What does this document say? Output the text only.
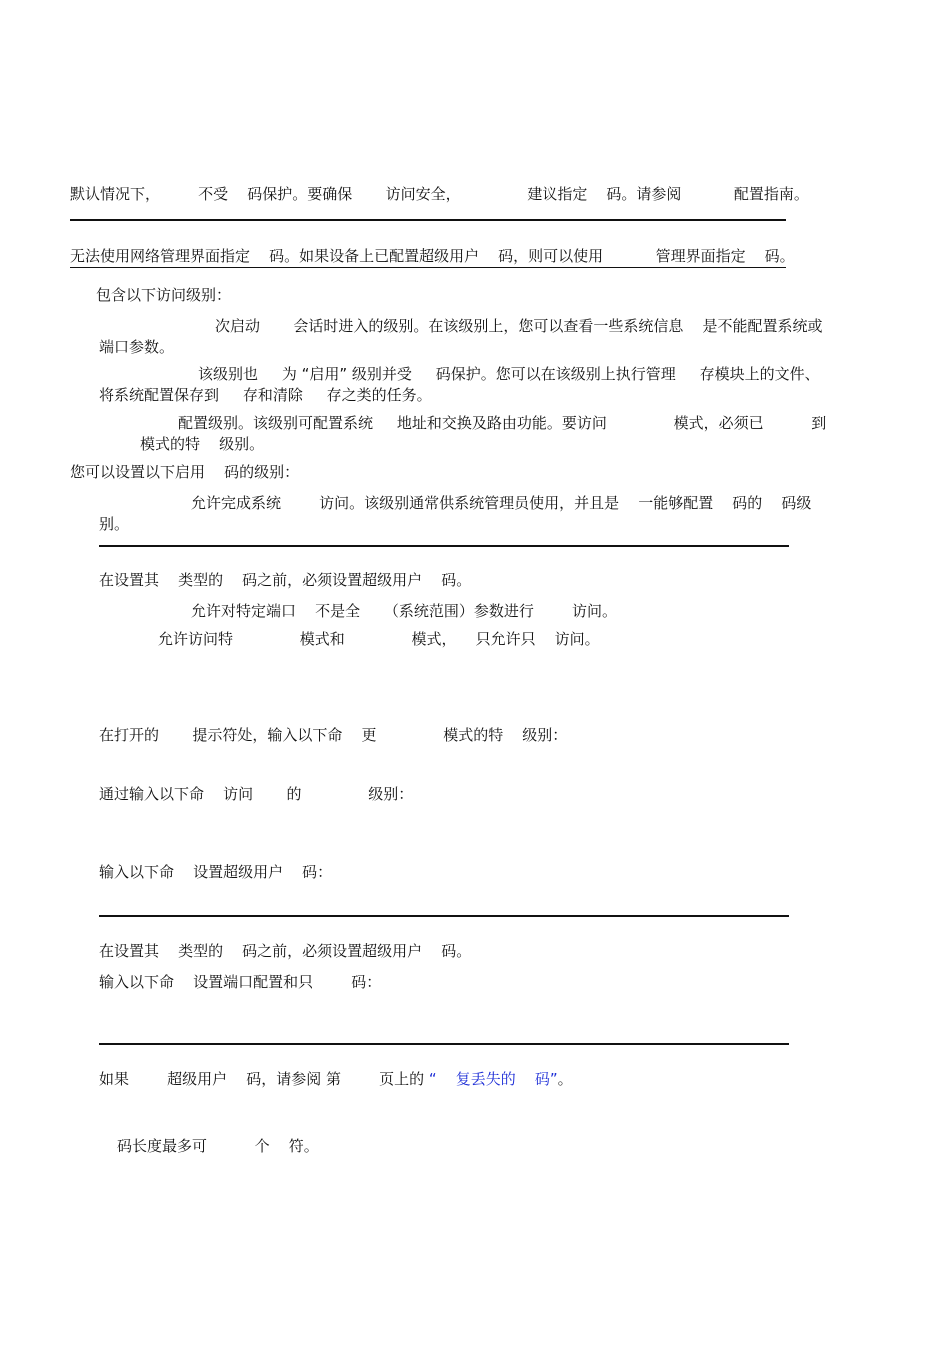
默认情况下，        不受    码保护。要确保       访问安全，              建议指定    码。请参阅           配置指南。
无法使用网络管理界面指定    码。如果设备上已配置超级用户    码，则可以使用           管理界面指定    码。
包含以下访问级别：
次启动       会话时进入的级别。在该级别上，您可以查看一些系统信息    是不能配置系统或
端口参数。
该级别也     为 “启用” 级别并受     码保护。您可以在该级别上执行管理     存模块上的文件、
将系统配置保存到     存和清除     存之类的任务。
配置级别。该级别可配置系统     地址和交换及路由功能。要访问              模式，必须已          到
模式的特    级别。
您可以设置以下启用    码的级别：
允许完成系统        访问。该级别通常供系统管理员使用，并且是    一能够配置    码的    码级
别。
在设置其    类型的    码之前，必须设置超级用户    码。
允许对特定端口    不是全     （系统范围）参数进行        访问。
允许访问特              模式和              模式，    只允许只    访问。
在打开的       提示符处，输入以下命    更              模式的特    级别：
通过输入以下命    访问       的              级别：
输入以下命    设置超级用户    码：
在设置其    类型的    码之前，必须设置超级用户    码。
输入以下命    设置端口配置和只        码：
如果        超级用户    码，请参阅 第        页上的 “    复丢失的    码”。
码长度最多可          个    符。
